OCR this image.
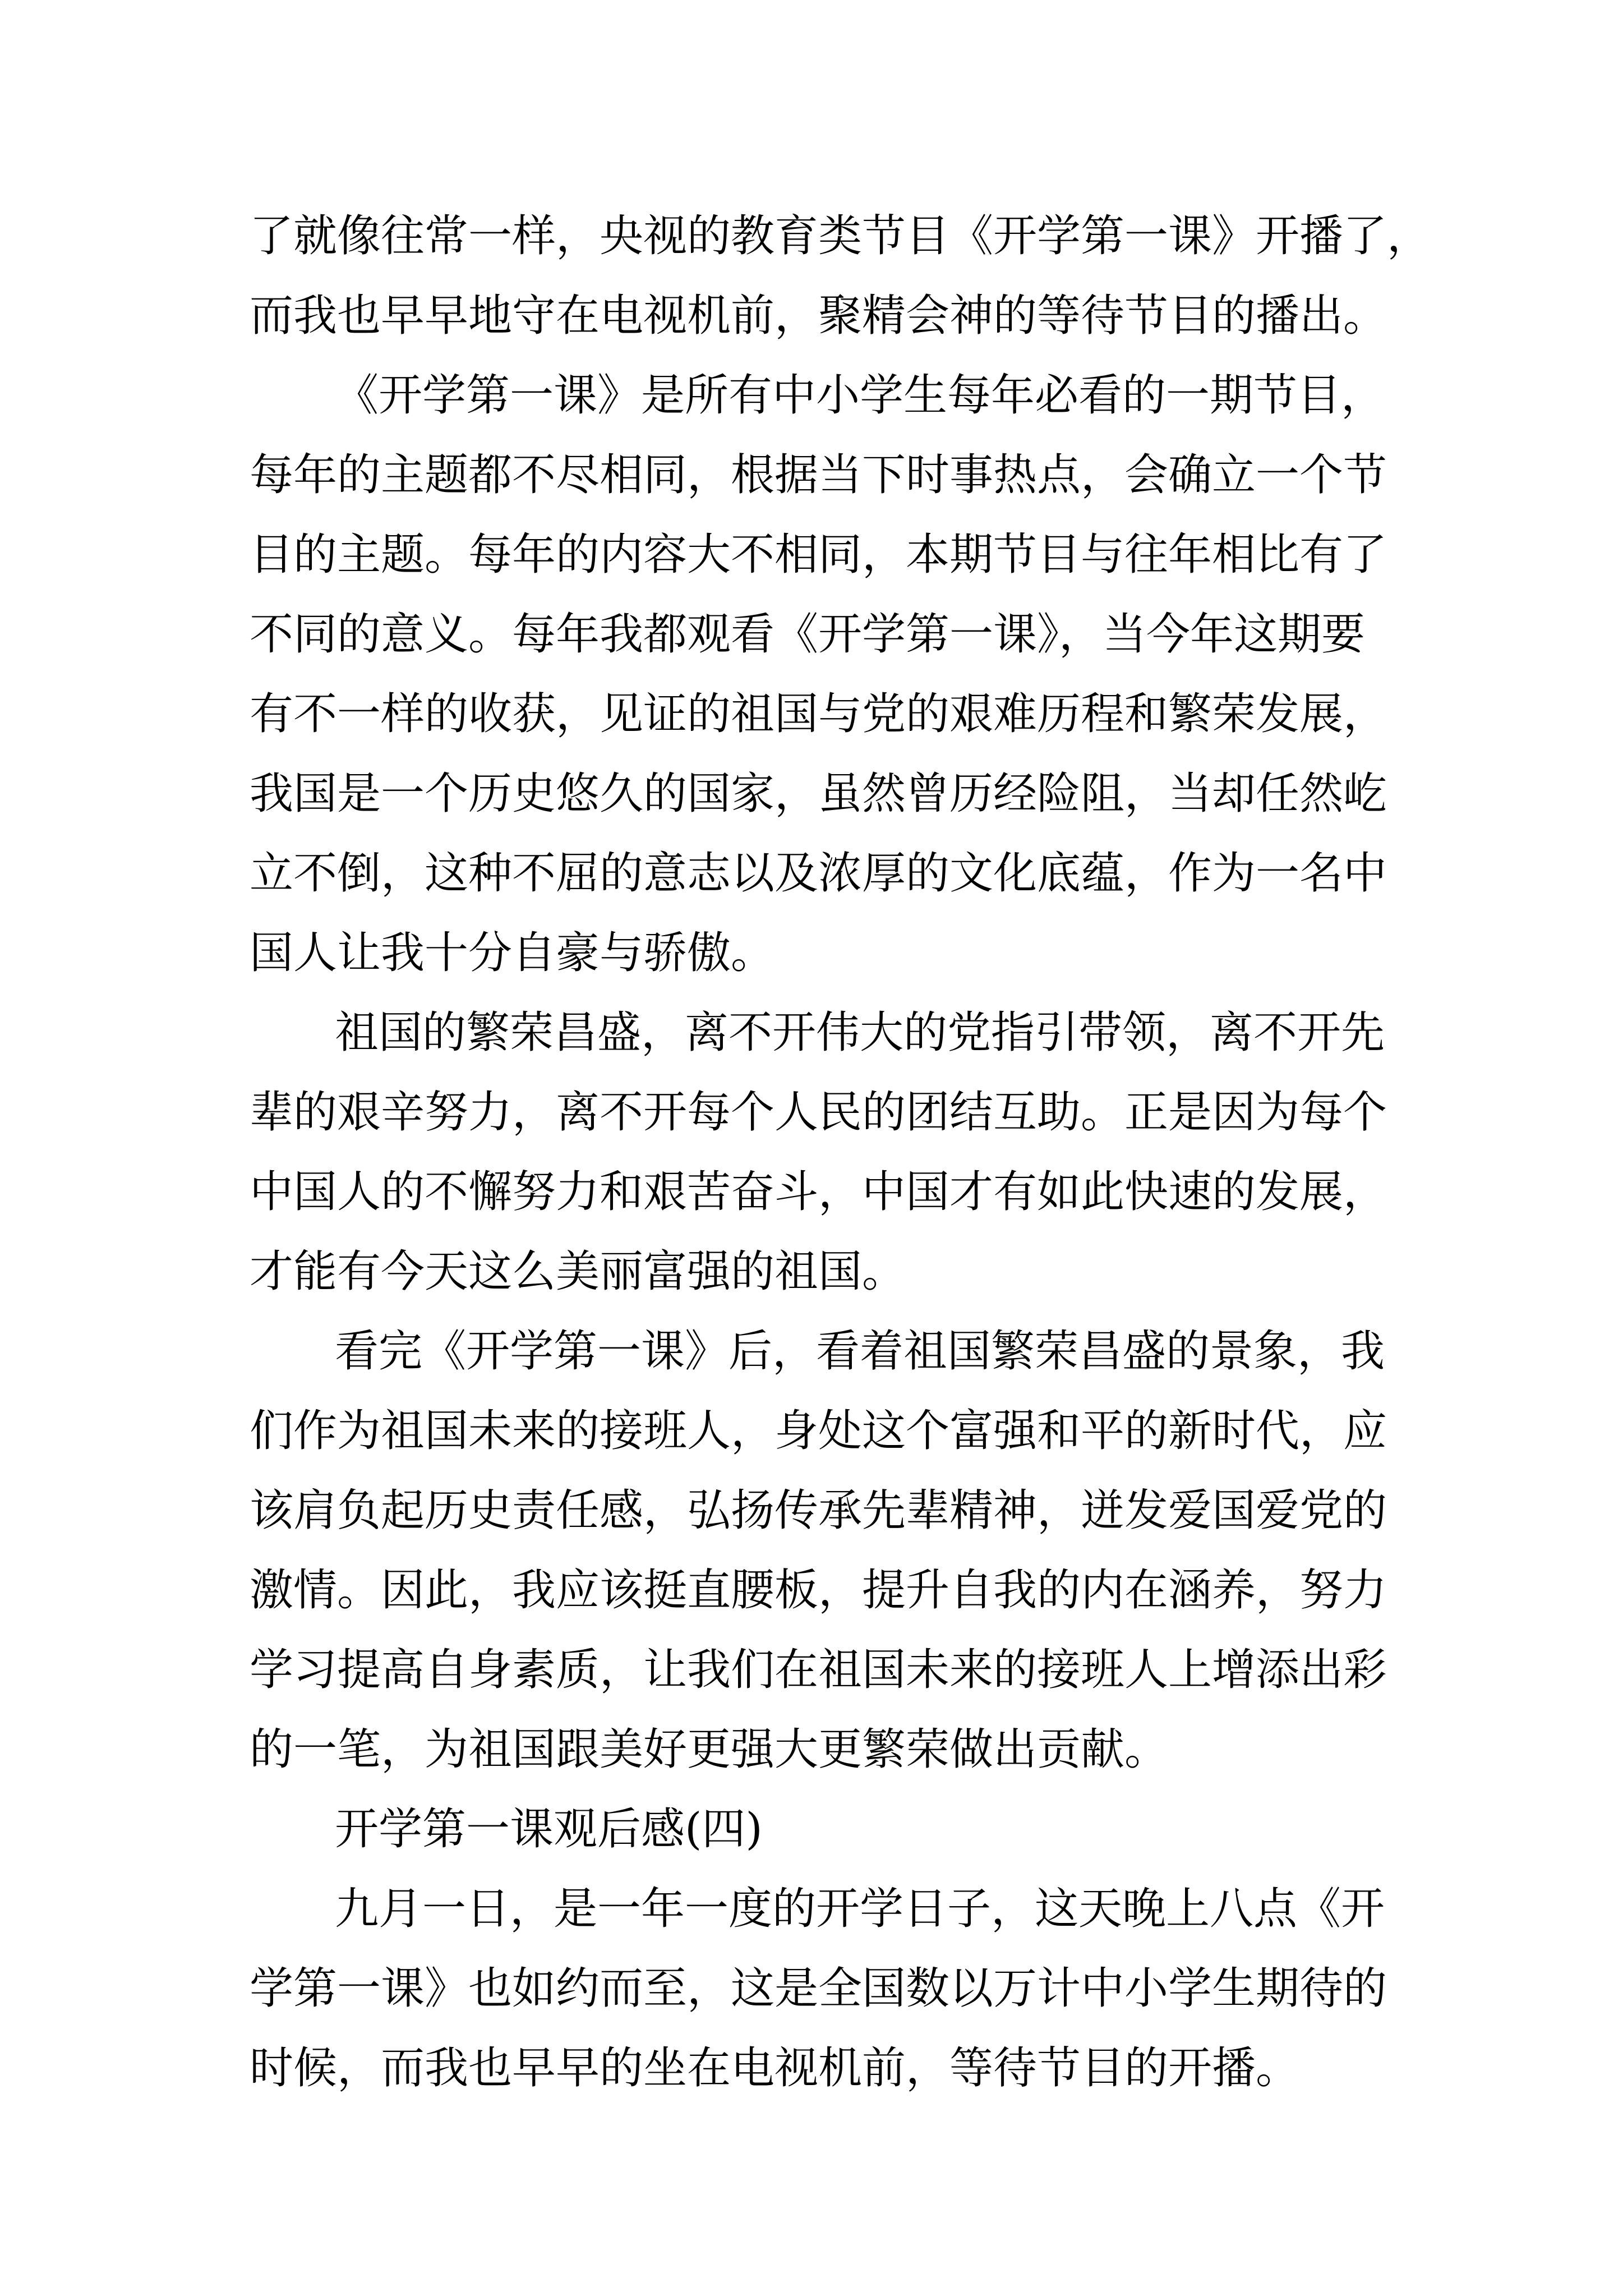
了就像往常一样，央视的教育类节目《开学第一课》开播了，
而我也早早地守在电视机前，聚精会神的等待节目的播出。
《开学第一课》是所有中小学生每年必看的一期节目，
每年的主题都不尽相同，根据当下时事热点，会确立一个节
目的主题。每年的内容大不相同，本期节目与往年相比有了
不同的意义。每年我都观看《开学第一课》，当今年这期要
有不一样的收获，见证的祖国与党的艰难历程和繁荣发展，
我国是一个历史悠久的国家，虽然曾历经险阻，当却任然屹
立不倒，这种不屈的意志以及浓厚的文化底蕴，作为一名中
国人让我十分自豪与骄傲。
祖国的繁荣昌盛，离不开伟大的党指引带领，离不开先
辈的艰辛努力，离不开每个人民的团结互助。正是因为每个
中国人的不懈努力和艰苦奋斗，中国才有如此快速的发展，
才能有今天这么美丽富强的祖国。
看完《开学第一课》后，看着祖国繁荣昌盛的景象，我
们作为祖国未来的接班人，身处这个富强和平的新时代，应
该肩负起历史责任感，弘扬传承先辈精神，迸发爱国爱党的
激情。因此，我应该挺直腰板，提升自我的内在涵养，努力
学习提高自身素质，让我们在祖国未来的接班人上增添出彩
的一笔，为祖国跟美好更强大更繁荣做出贡献。
开学第一课观后感(四)
九月一日，是一年一度的开学日子，这天晚上八点《开
学第一课》也如约而至，这是全国数以万计中小学生期待的
时候，而我也早早的坐在电视机前，等待节目的开播。
